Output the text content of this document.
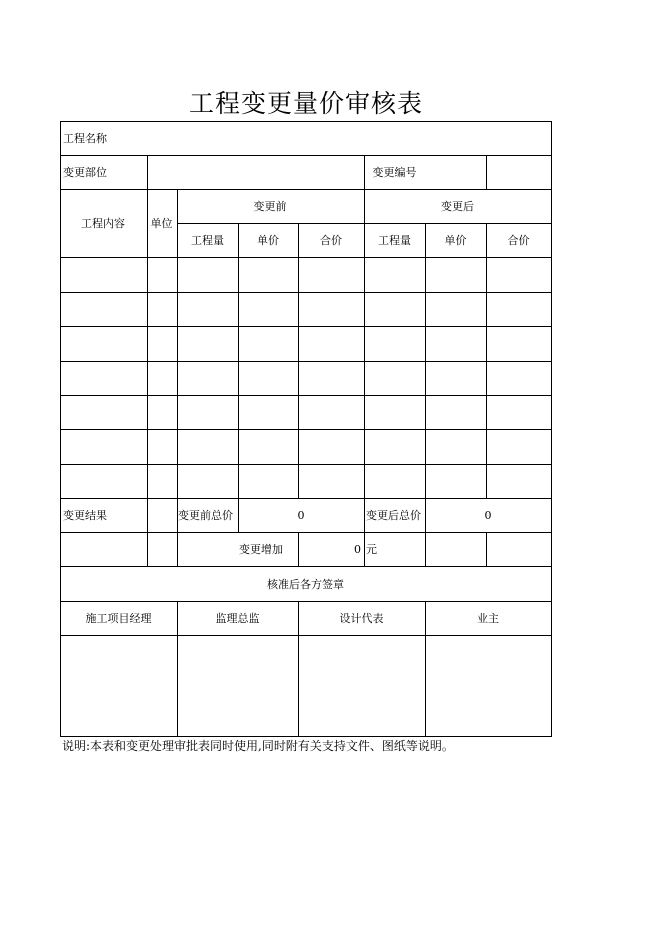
工程变更量价审核表
工程名称
变更部位	变更编号
工程内容	单位
变更前	变更后
工程量	单价	合价	工程量	单价	合价
变更结果	变更前总价	0	变更后总价	0
变更增加	0 元
核准后各方签章
施工项目经理	监理总监	设计代表	业主
说明:本表和变更处理审批表同时使用,同时附有关支持文件、图纸等说明。
